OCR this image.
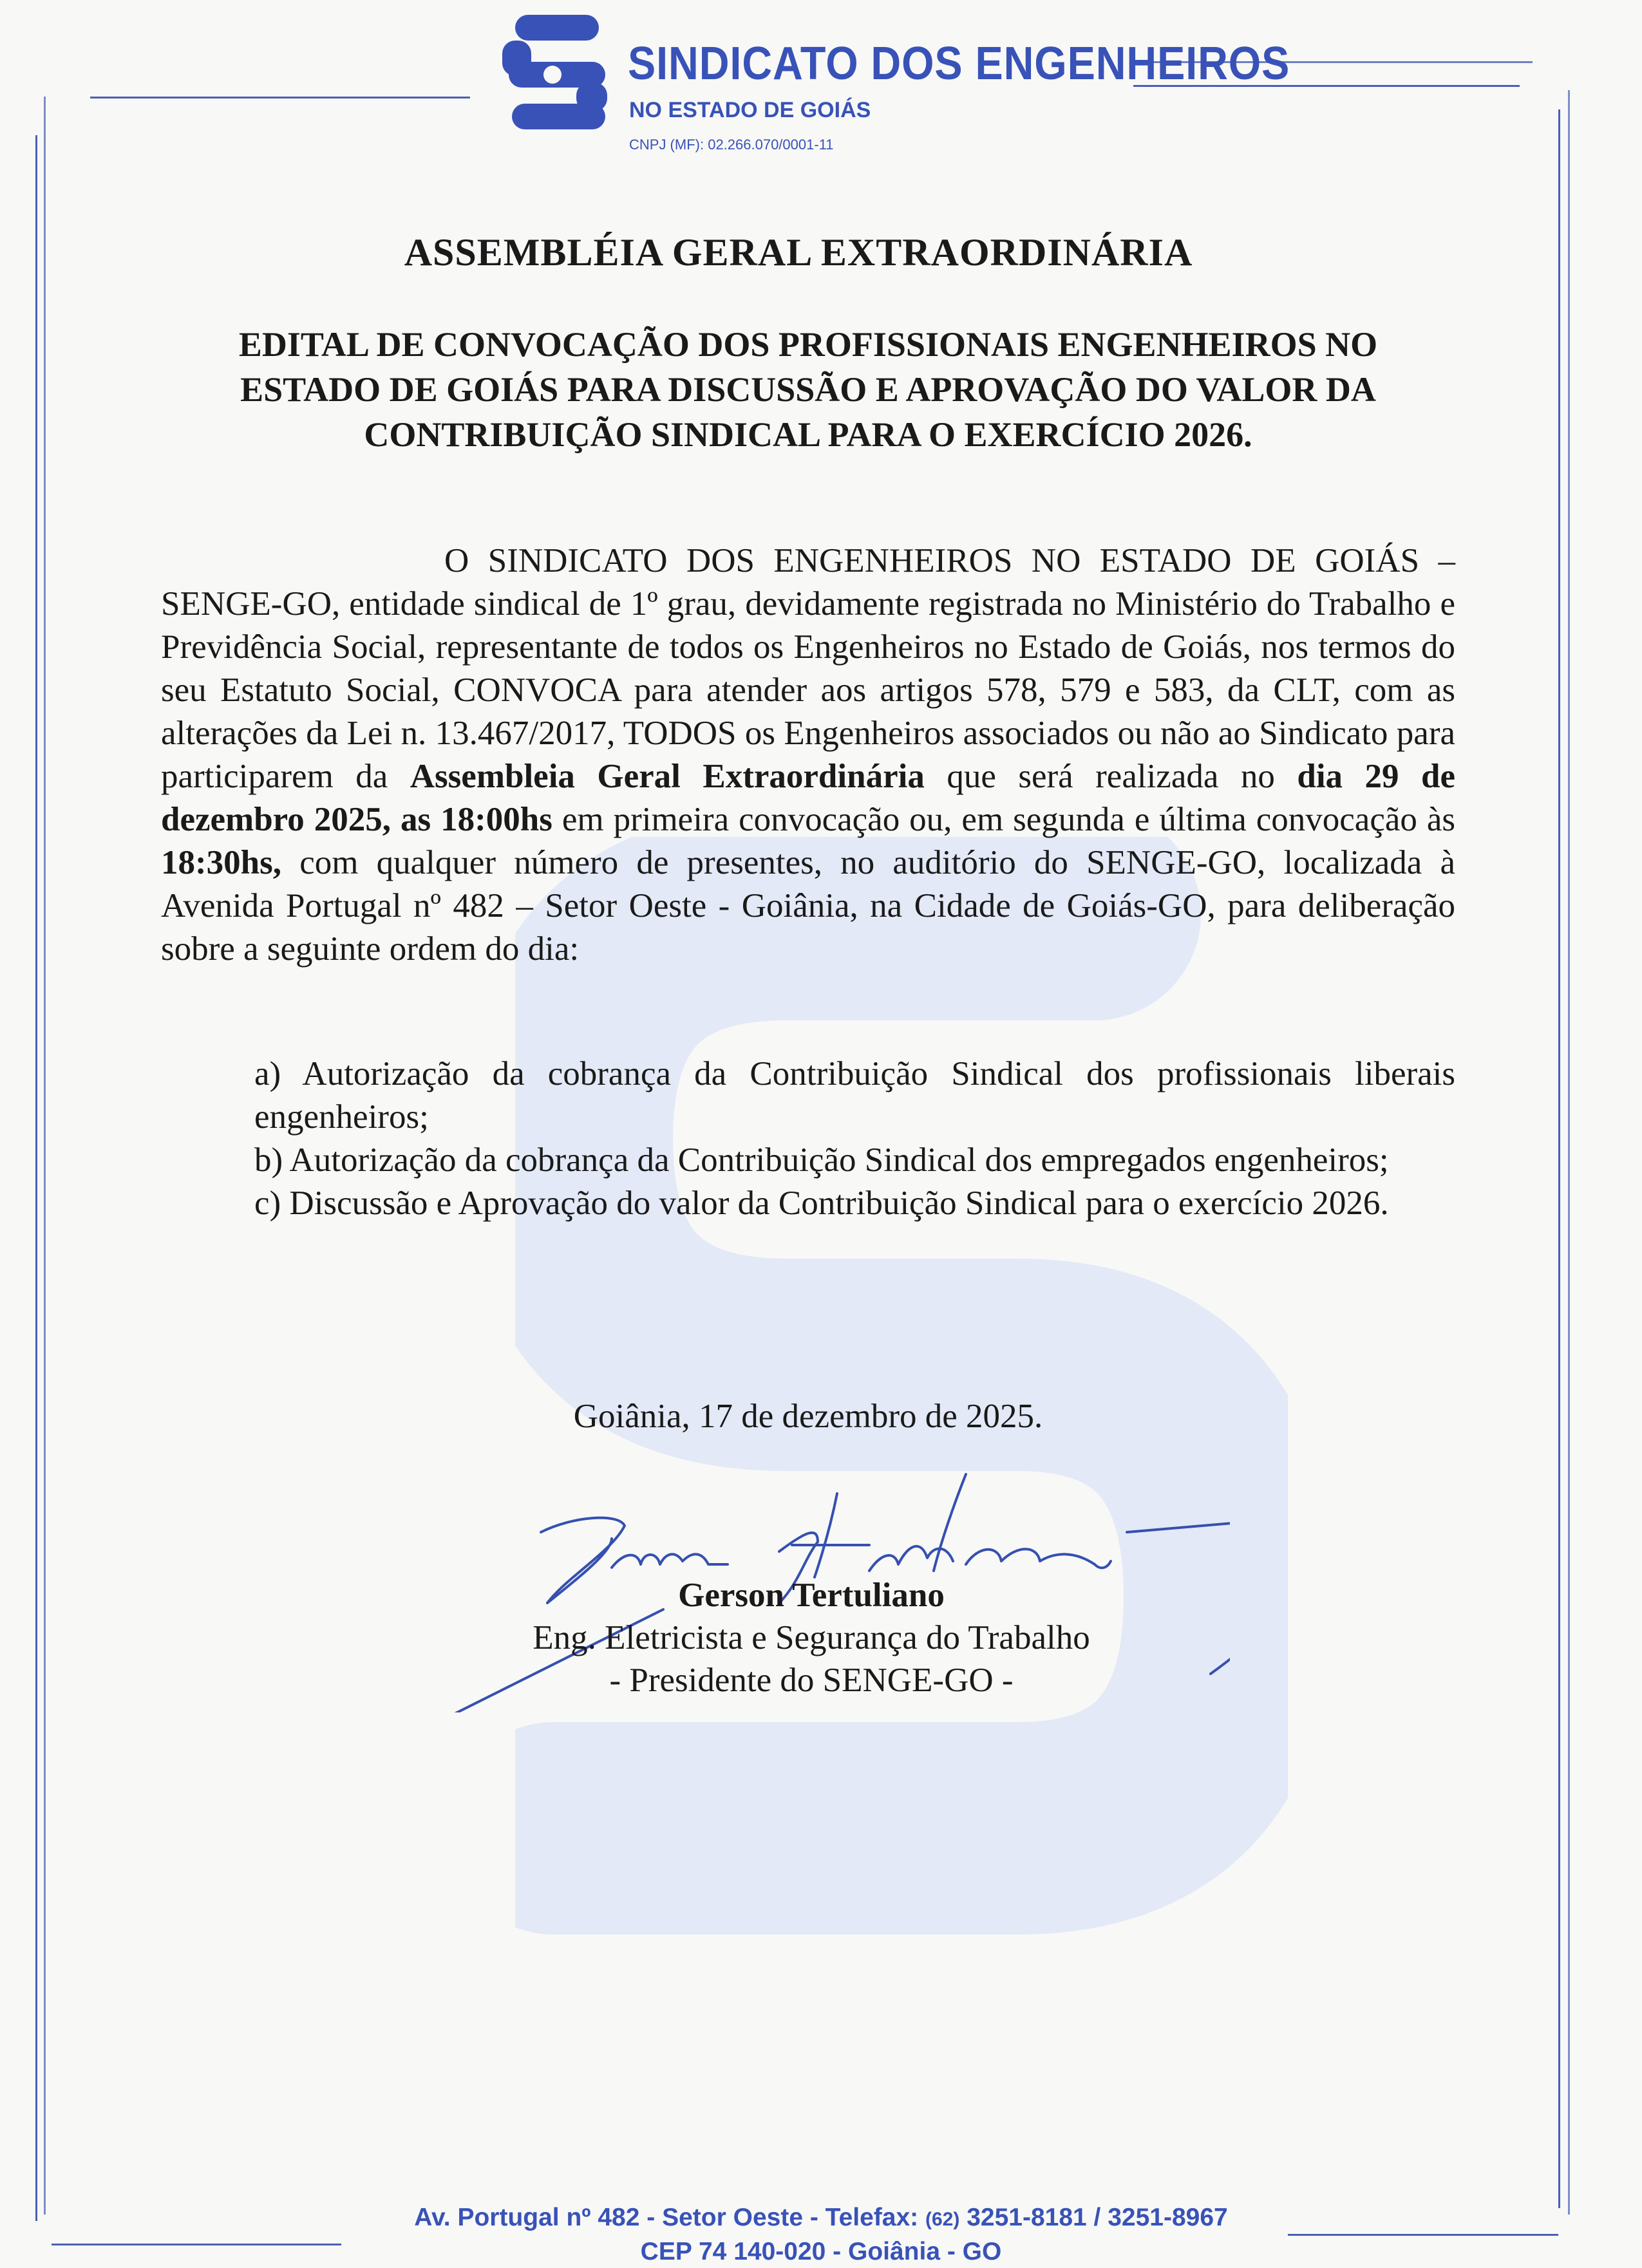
SINDICATO DOS ENGENHEIROS
NO ESTADO DE GOIÁS
CNPJ (MF): 02.266.070/0001-11
ASSEMBLÉIA GERAL EXTRAORDINÁRIA
EDITAL DE CONVOCAÇÃO DOS PROFISSIONAIS ENGENHEIROS NO
ESTADO DE GOIÁS PARA DISCUSSÃO E APROVAÇÃO DO VALOR DA
CONTRIBUIÇÃO SINDICAL PARA O EXERCÍCIO 2026.

O SINDICATO DOS ENGENHEIROS NO ESTADO DE GOIÁS – SENGE-GO, entidade sindical de 1º grau, devidamente registrada no Ministério do Trabalho e Previdência Social, representante de todos os Engenheiros no Estado de Goiás, nos termos do seu Estatuto Social, CONVOCA para atender aos artigos 578, 579 e 583, da CLT, com as alterações da Lei n. 13.467/2017, TODOS os Engenheiros associados ou não ao Sindicato para participarem da Assembleia Geral Extraordinária que será realizada no dia 29 de dezembro 2025, as 18:00hs em primeira convocação ou, em segunda e última convocação às 18:30hs, com qualquer número de presentes, no auditório do SENGE-GO, localizada à Avenida Portugal nº 482 – Setor Oeste - Goiânia, na Cidade de Goiás-GO, para deliberação sobre a seguinte ordem do dia:

a) Autorização da cobrança da Contribuição Sindical dos profissionais liberais engenheiros;
b) Autorização da cobrança da Contribuição Sindical dos empregados engenheiros;
c) Discussão e Aprovação do valor da Contribuição Sindical para o exercício 2026.
Goiânia, 17 de dezembro de 2025.
Gerson Tertuliano
Eng. Eletricista e Segurança do Trabalho
- Presidente do SENGE-GO -
Av. Portugal nº 482 - Setor Oeste - Telefax: (62) 3251-8181 / 3251-8967
CEP 74 140-020 - Goiânia - GO
